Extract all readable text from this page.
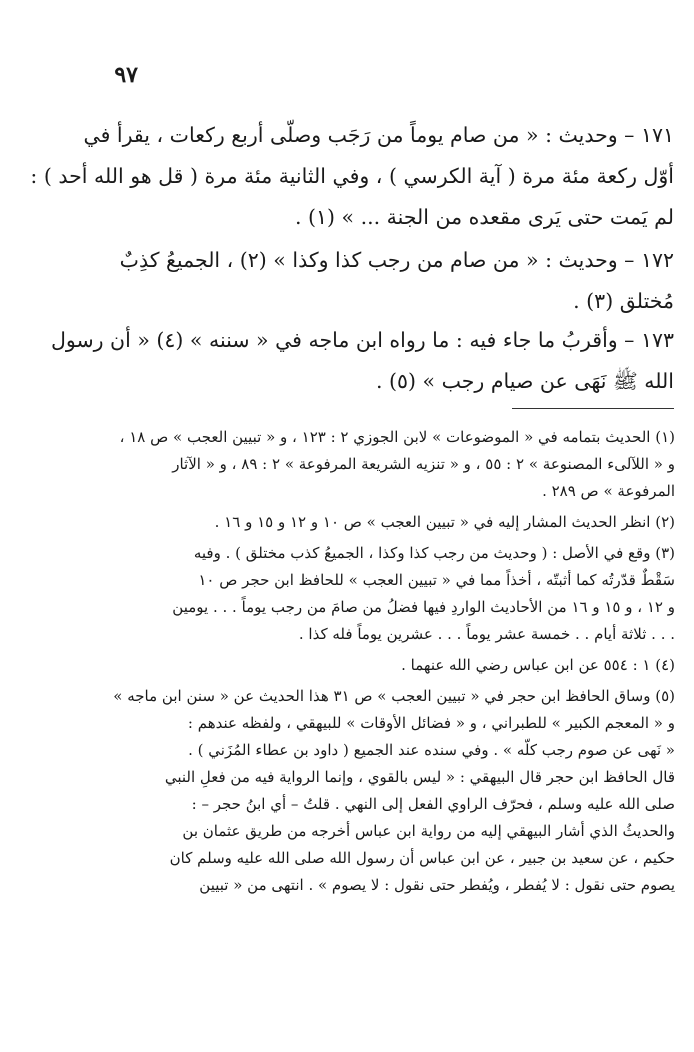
٩٧
١٧١ – وحديث : « من صام يوماً من رَجَب وصلّى أربع ركعات ، يقرأ في
أوّل ركعة مئة مرة ( آية الكرسي ) ، وفي الثانية مئة مرة ( قل هو الله أحد ) :
لم يَمت حتى يَرى مقعده من الجنة ... » (١) .
١٧٢ – وحديث : « من صام من رجب كذا وكذا » (٢) ، الجميعُ كذِبٌ
مُختلق (٣) .
١٧٣ – وأقربُ ما جاء فيه : ما رواه ابن ماجه في « سننه » (٤) « أن رسول
الله ﷺ نَهَى عن صيام رجب » (٥) .
(١) الحديث بتمامه في « الموضوعات » لابن الجوزي ٢ : ١٢٣ ، و « تبيين العجب » ص ١٨ ،
و « اللآلىء المصنوعة » ٢ : ٥٥ ، و « تنزيه الشريعة المرفوعة » ٢ : ٨٩ ، و « الآثار
المرفوعة » ص ٢٨٩ .
(٢) انظر الحديث المشار إليه في « تبيين العجب » ص ١٠ و ١٢ و ١٥ و ١٦ .
(٣) وقع في الأصل : ( وحديث من رجب كذا وكذا ، الجميعُ كذب مختلق ) . وفيه
سَقْطٌ قدّرتُه كما أثبتّه ، أخذاً مما في « تبيين العجب » للحافظ ابن حجر ص ١٠
و ١٢ ، و ١٥ و ١٦ من الأحاديث الواردِ فيها فضلُ من صامَ من رجب يوماً . . . يومين
. . . ثلاثة أيام . . خمسة عشر يوماً . . . عشرين يوماً فله كذا .
(٤) ١ : ٥٥٤ عن ابن عباس رضي الله عنهما .
(٥) وساق الحافظ ابن حجر في « تبيين العجب » ص ٣١ هذا الحديث عن « سنن ابن ماجه »
و « المعجم الكبير » للطبراني ، و « فضائل الأوقات » للبيهقي ، ولفظه عندهم :
« نَهى عن صوم رجب كلّه » . وفي سنده عند الجميع ( داود بن عطاء المُزَني ) .
قال الحافظ ابن حجر قال البيهقي : « ليس بالقوي ، وإنما الرواية فيه من فعلِ النبي
صلى الله عليه وسلم ، فحرّف الراوي الفعل إلى النهي . قلتُ – أي ابنُ حجر – :
والحديثُ الذي أشار البيهقي إليه من رواية ابن عباس أخرجه من طريق عثمان بن
حكيم ، عن سعيد بن جبير ، عن ابن عباس أن رسول الله صلى الله عليه وسلم كان
يصوم حتى نقول : لا يُفطر ، ويُفطر حتى نقول : لا يصوم » . انتهى من « تبيين
